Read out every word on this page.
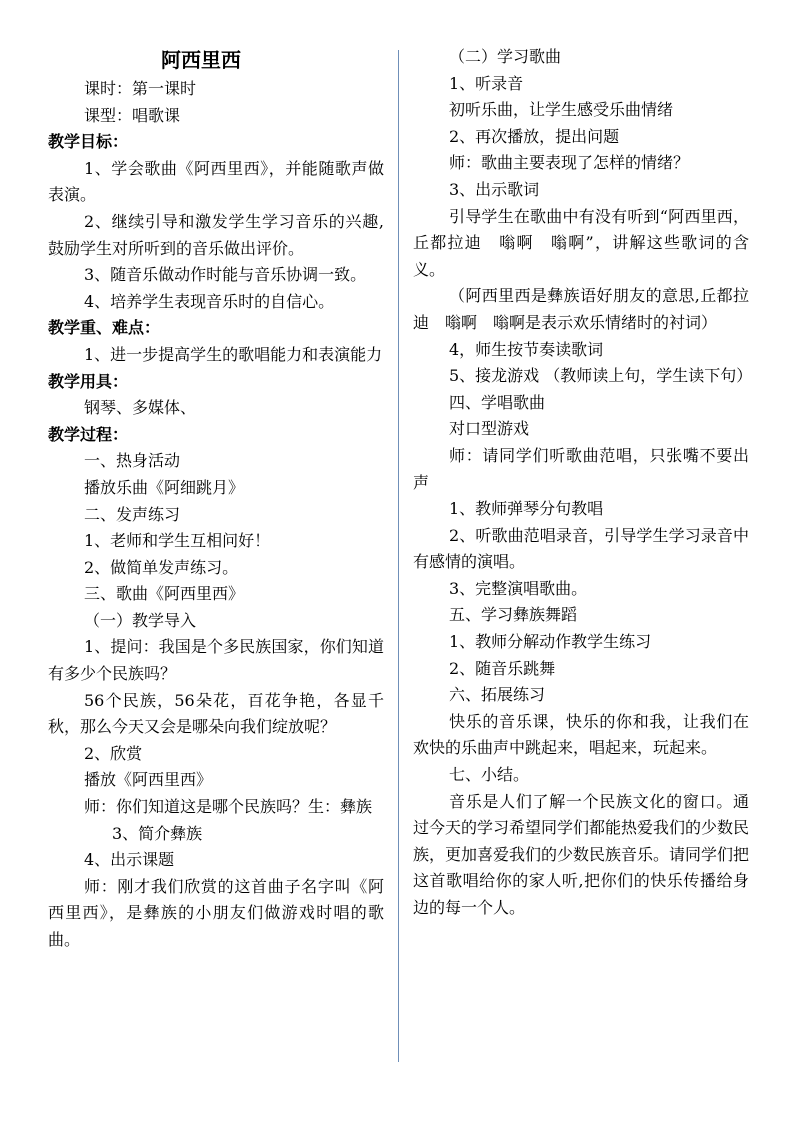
阿西里西
课时：第一课时
课型：唱歌课
教学目标：
1、学会歌曲《阿西里西》，并能随歌声做表演。
2、继续引导和激发学生学习音乐的兴趣,鼓励学生对所听到的音乐做出评价。
3、随音乐做动作时能与音乐协调一致。
4、培养学生表现音乐时的自信心。
教学重、难点：
1、进一步提高学生的歌唱能力和表演能力
教学用具：
钢琴、多媒体、
教学过程：
一、热身活动
播放乐曲《阿细跳月》
二、发声练习
1、老师和学生互相问好！
2、做简单发声练习。
三、歌曲《阿西里西》
（一）教学导入
1、提问：我国是个多民族国家，你们知道有多少个民族吗？
56个民族，56朵花，百花争艳，各显千秋，那么今天又会是哪朵向我们绽放呢？
2、欣赏
播放《阿西里西》
师：你们知道这是哪个民族吗？生：彝族
3、简介彝族
4、出示课题
师：刚才我们欣赏的这首曲子名字叫《阿西里西》，是彝族的小朋友们做游戏时唱的歌曲。
（二）学习歌曲
1、听录音
初听乐曲，让学生感受乐曲情绪
2、再次播放，提出问题
师：歌曲主要表现了怎样的情绪？
3、出示歌词
引导学生在歌曲中有没有听到“阿西里西，丘都拉迪　嗡啊　嗡啊”，讲解这些歌词的含义。
（阿西里西是彝族语好朋友的意思,丘都拉迪　嗡啊　嗡啊是表示欢乐情绪时的衬词）
4，师生按节奏读歌词
5、接龙游戏 （教师读上句，学生读下句）
四、学唱歌曲
对口型游戏
师：请同学们听歌曲范唱，只张嘴不要出声
1、教师弹琴分句教唱
2、听歌曲范唱录音，引导学生学习录音中有感情的演唱。
3、完整演唱歌曲。
五、学习彝族舞蹈
1、教师分解动作教学生练习
2、随音乐跳舞
六、拓展练习
快乐的音乐课，快乐的你和我，让我们在欢快的乐曲声中跳起来，唱起来，玩起来。
七、小结。
音乐是人们了解一个民族文化的窗口。通过今天的学习希望同学们都能热爱我们的少数民族，更加喜爱我们的少数民族音乐。请同学们把这首歌唱给你的家人听,把你们的快乐传播给身边的每一个人。
